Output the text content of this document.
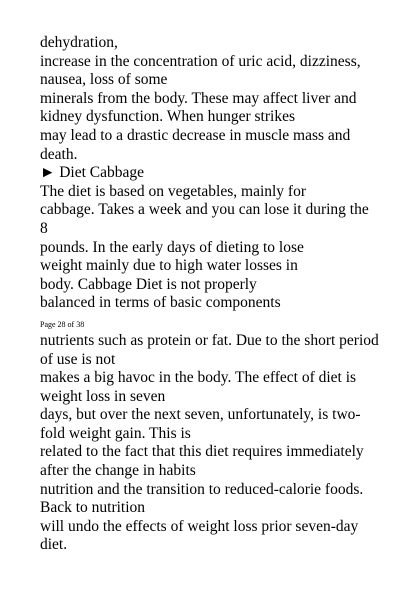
dehydration,
increase in the concentration of uric acid, dizziness,
nausea, loss of some
minerals from the body. These may affect liver and
kidney dysfunction. When hunger strikes
may lead to a drastic decrease in muscle mass and
death.
► Diet Cabbage
The diet is based on vegetables, mainly for
cabbage. Takes a week and you can lose it during the
8
pounds. In the early days of dieting to lose
weight mainly due to high water losses in
body. Cabbage Diet is not properly
balanced in terms of basic components
Page 28 of 38
nutrients such as protein or fat. Due to the short period
of use is not
makes a big havoc in the body. The effect of diet is
weight loss in seven
days, but over the next seven, unfortunately, is two-
fold weight gain. This is
related to the fact that this diet requires immediately
after the change in habits
nutrition and the transition to reduced-calorie foods.
Back to nutrition
will undo the effects of weight loss prior seven-day
diet.
